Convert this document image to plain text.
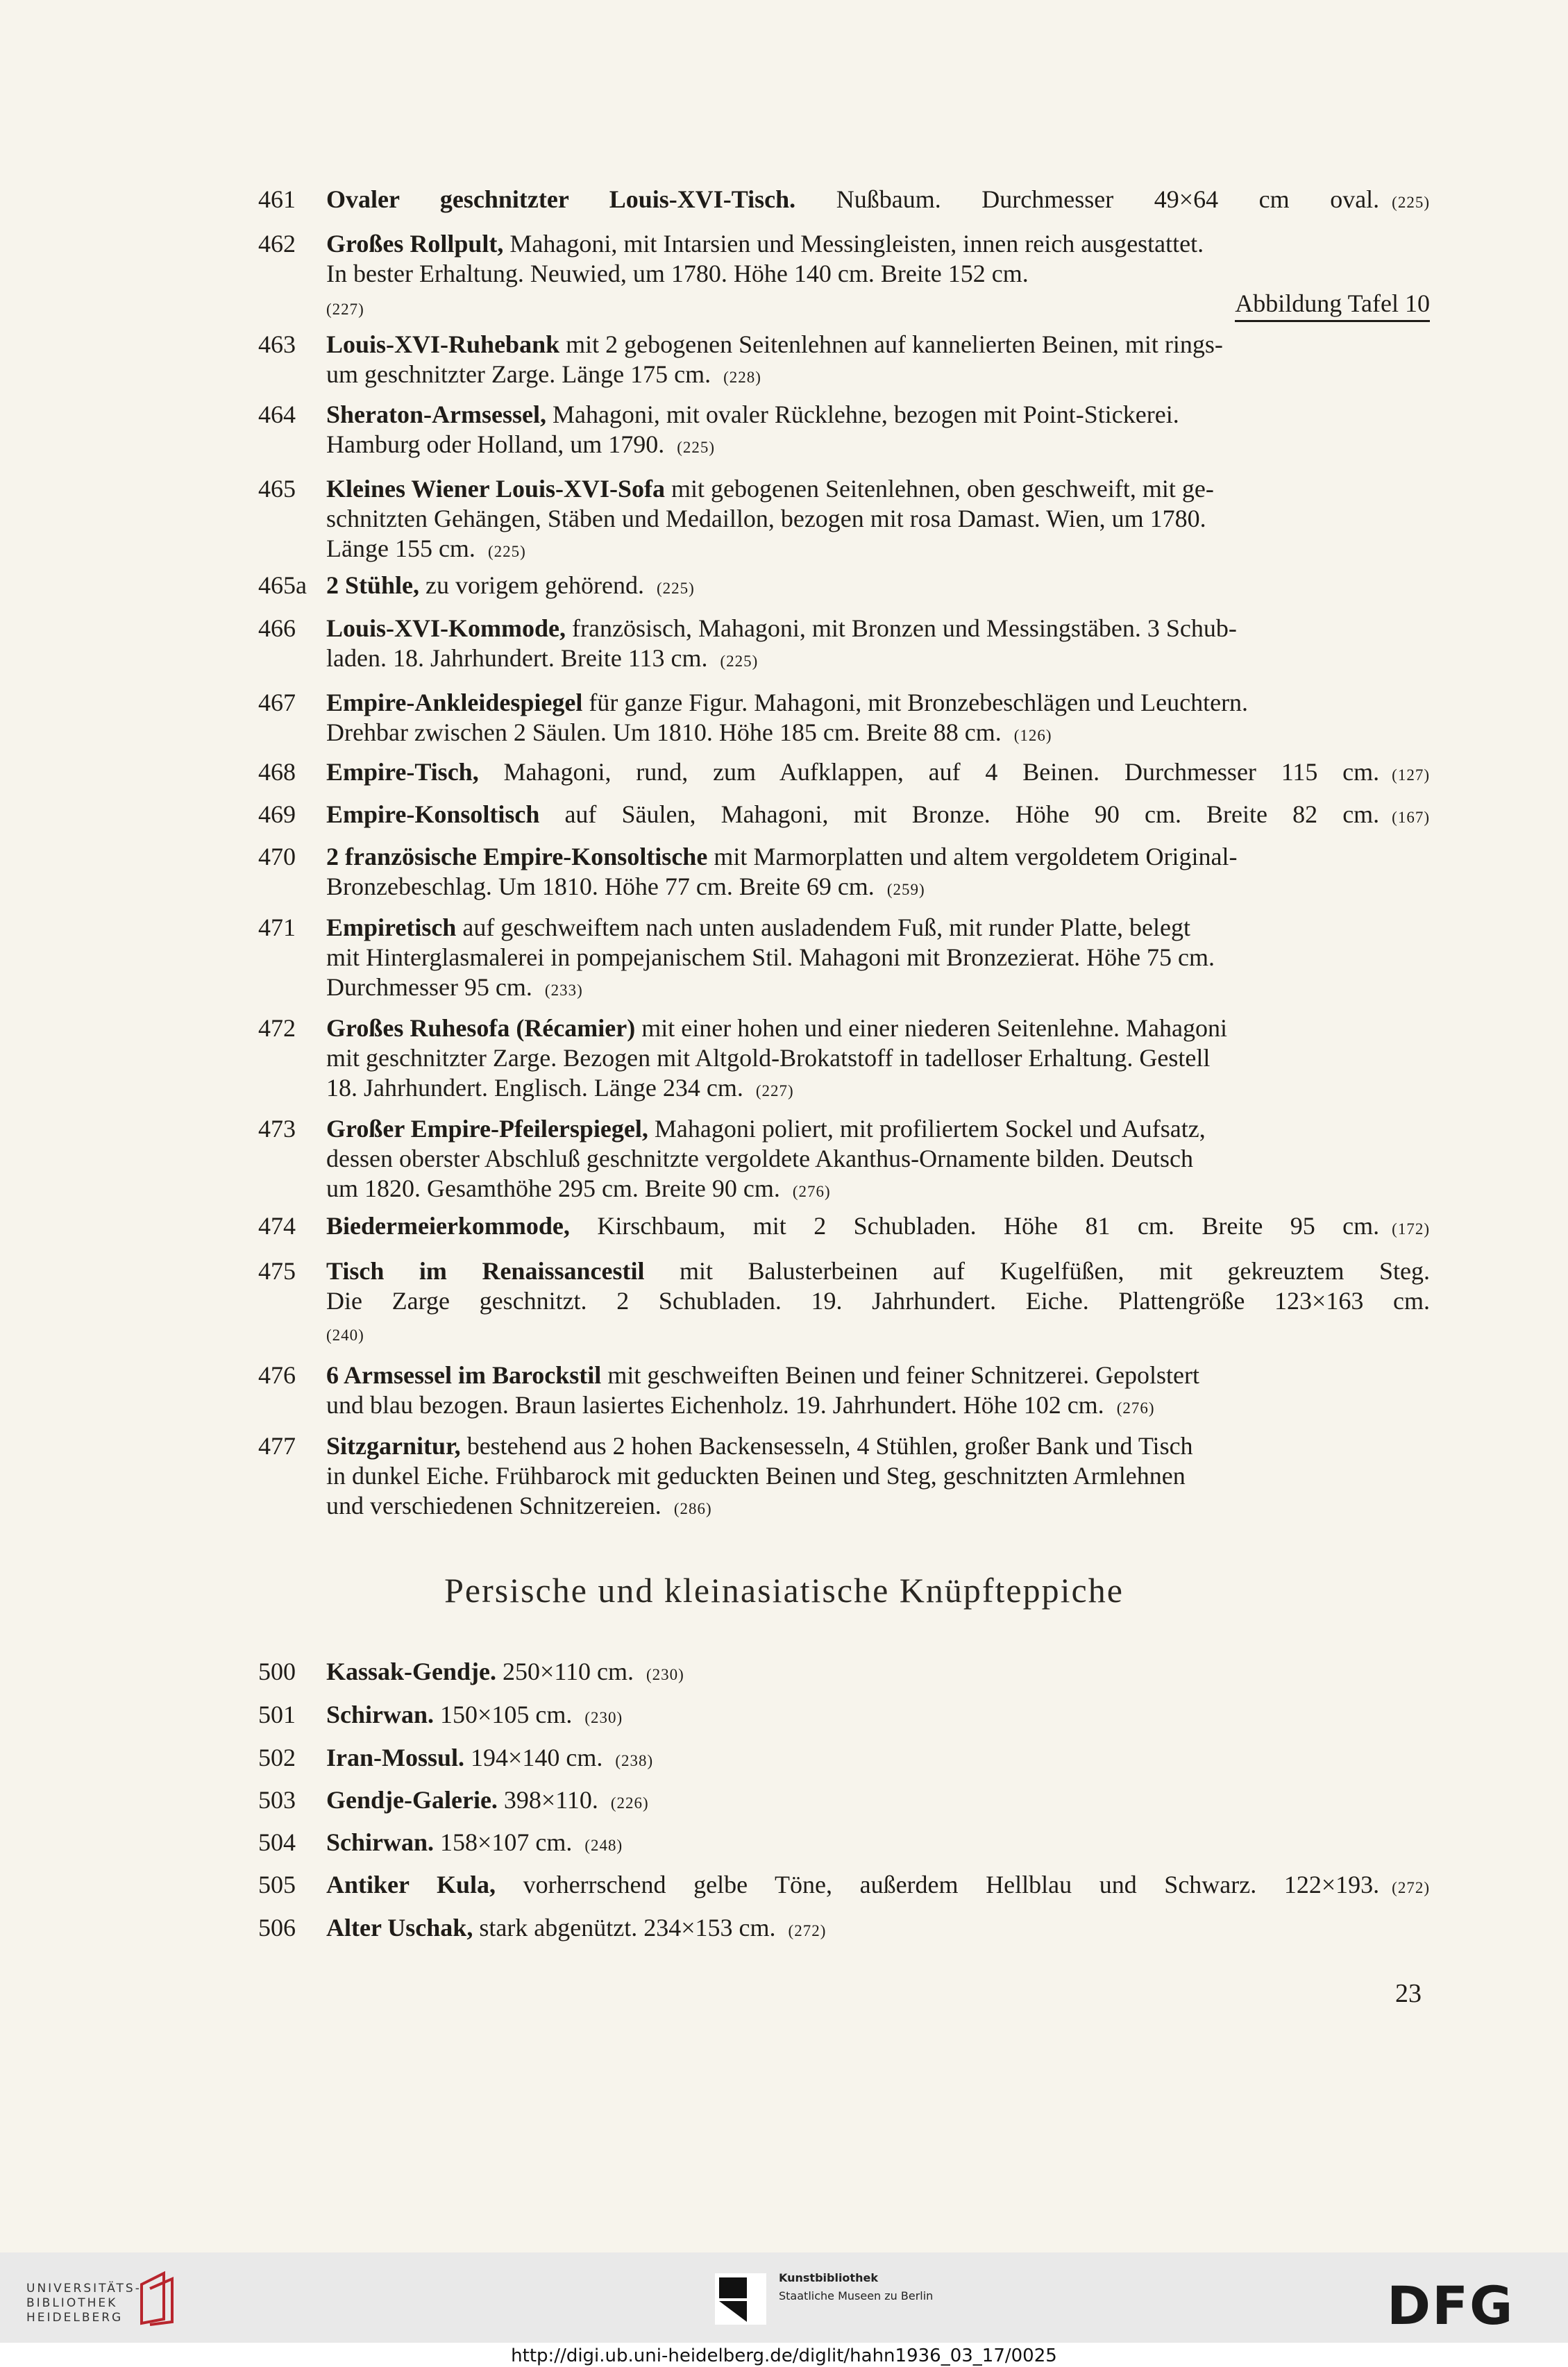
461 Ovaler geschnitzter Louis-XVI-Tisch. Nußbaum. Durchmesser 49×64 cm oval. (225)
462 Großes Rollpult, Mahagoni, mit Intarsien und Messingleisten, innen reich ausgestattet.
In bester Erhaltung. Neuwied, um 1780. Höhe 140 cm. Breite 152 cm.
(227)	Abbildung Tafel 10
463 Louis-XVI-Ruhebank mit 2 gebogenen Seitenlehnen auf kannelierten Beinen, mit rings-
um geschnitzter Zarge. Länge 175 cm. (228)
464 Sheraton-Armsessel, Mahagoni, mit ovaler Rücklehne, bezogen mit Point-Stickerei.
Hamburg oder Holland, um 1790. (225)
465 Kleines Wiener Louis-XVI-Sofa mit gebogenen Seitenlehnen, oben geschweift, mit ge-
schnitzten Gehängen, Stäben und Medaillon, bezogen mit rosa Damast. Wien, um 1780.
Länge 155 cm. (225)
465a 2 Stühle, zu vorigem gehörend. (225)
466 Louis-XVI-Kommode, französisch, Mahagoni, mit Bronzen und Messingstäben. 3 Schub-
laden. 18. Jahrhundert. Breite 113 cm. (225)
467 Empire-Ankleidespiegel für ganze Figur. Mahagoni, mit Bronzebeschlägen und Leuchtern.
Drehbar zwischen 2 Säulen. Um 1810. Höhe 185 cm. Breite 88 cm. (126)
468 Empire-Tisch, Mahagoni, rund, zum Aufklappen, auf 4 Beinen. Durchmesser 115 cm. (127)
469 Empire-Konsoltisch auf Säulen, Mahagoni, mit Bronze. Höhe 90 cm. Breite 82 cm. (167)
470 2 französische Empire-Konsoltische mit Marmorplatten und altem vergoldetem Original-
Bronzebeschlag. Um 1810. Höhe 77 cm. Breite 69 cm. (259)
471 Empiretisch auf geschweiftem nach unten ausladendem Fuß, mit runder Platte, belegt
mit Hinterglasmalerei in pompejanischem Stil. Mahagoni mit Bronzezierat. Höhe 75 cm.
Durchmesser 95 cm. (233)
472 Großes Ruhesofa (Récamier) mit einer hohen und einer niederen Seitenlehne. Mahagoni
mit geschnitzter Zarge. Bezogen mit Altgold-Brokatstoff in tadelloser Erhaltung. Gestell
18. Jahrhundert. Englisch. Länge 234 cm. (227)
473 Großer Empire-Pfeilerspiegel, Mahagoni poliert, mit profiliertem Sockel und Aufsatz,
dessen oberster Abschluß geschnitzte vergoldete Akanthus-Ornamente bilden. Deutsch
um 1820. Gesamthöhe 295 cm. Breite 90 cm. (276)
474 Biedermeierkommode, Kirschbaum, mit 2 Schubladen. Höhe 81 cm. Breite 95 cm. (172)
475 Tisch im Renaissancestil mit Balusterbeinen auf Kugelfüßen, mit gekreuztem Steg.
Die Zarge geschnitzt. 2 Schubladen. 19. Jahrhundert. Eiche. Plattengröße 123×163 cm.
(240)
476 6 Armsessel im Barockstil mit geschweiften Beinen und feiner Schnitzerei. Gepolstert
und blau bezogen. Braun lasiertes Eichenholz. 19. Jahrhundert. Höhe 102 cm. (276)
477 Sitzgarnitur, bestehend aus 2 hohen Backensesseln, 4 Stühlen, großer Bank und Tisch
in dunkel Eiche. Frühbarock mit geduckten Beinen und Steg, geschnitzten Armlehnen
und verschiedenen Schnitzereien. (286)
Persische und kleinasiatische Knüpfteppiche
500 Kassak-Gendje. 250×110 cm. (230)
501 Schirwan. 150×105 cm. (230)
502 Iran-Mossul. 194×140 cm. (238)
503 Gendje-Galerie. 398×110. (226)
504 Schirwan. 158×107 cm. (248)
505 Antiker Kula, vorherrschend gelbe Töne, außerdem Hellblau und Schwarz. 122×193. (272)
506 Alter Uschak, stark abgenützt. 234×153 cm. (272)
23
UNIVERSITÄTS-
BIBLIOTHEK
HEIDELBERG
Kunstbibliothek
Staatliche Museen zu Berlin	DFG
http://digi.ub.uni-heidelberg.de/diglit/hahn1936_03_17/0025
